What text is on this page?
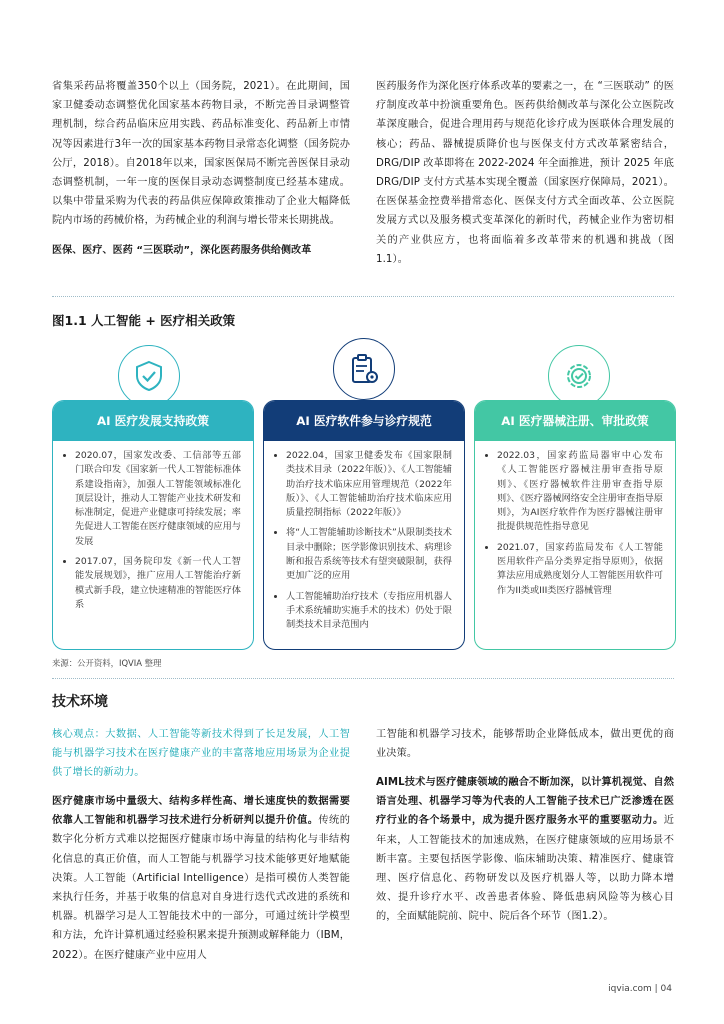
省集采药品将覆盖350个以上（国务院，2021）。在此期间，国家卫健委动态调整优化国家基本药物目录，不断完善目录调整管理机制，综合药品临床应用实践、药品标准变化、药品新上市情况等因素进行3年一次的国家基本药物目录常态化调整（国务院办公厅，2018）。自2018年以来，国家医保局不断完善医保目录动态调整机制，一年一度的医保目录动态调整制度已经基本建成。以集中带量采购为代表的药品供应保障政策推动了企业大幅降低院内市场的药械价格，为药械企业的利润与增长带来长期挑战。
医保、医疗、医药 “三医联动”，深化医药服务供给侧改革
医药服务作为深化医疗体系改革的要素之一，在 “三医联动” 的医疗制度改革中扮演重要角色。医药供给侧改革与深化公立医院改革深度融合，促进合理用药与规范化诊疗成为医联体合理发展的核心；药品、器械提质降价也与医保支付方式改革紧密结合，DRG/DIP 改革即将在 2022-2024 年全面推进，预计 2025 年底 DRG/DIP 支付方式基本实现全覆盖（国家医疗保障局，2021）。在医保基金控费举措常态化、医保支付方式全面改革、公立医院发展方式以及服务模式变革深化的新时代，药械企业作为密切相关的产业供应方，也将面临着多改革带来的机遇和挑战（图 1.1）。
图1.1 人工智能 + 医疗相关政策
AI 医疗发展支持政策
• 2020.07，国家发改委、工信部等五部门联合印发《国家新一代人工智能标准体系建设指南》，加强人工智能领域标准化顶层设计，推动人工智能产业技术研发和标准制定，促进产业健康可持续发展；率先促进人工智能在医疗健康领域的应用与发展
• 2017.07，国务院印发《新一代人工智能发展规划》，推广应用人工智能治疗新模式新手段，建立快速精准的智能医疗体系
AI 医疗软件参与诊疗规范
• 2022.04，国家卫健委发布《国家限制类技术目录（2022年版）》、《人工智能辅助治疗技术临床应用管理规范（2022年版）》、《人工智能辅助治疗技术临床应用质量控制指标（2022年版）》
• 将“人工智能辅助诊断技术”从限制类技术目录中删除；医学影像识别技术、病理诊断和报告系统等技术有望突破限制，获得更加广泛的应用
• 人工智能辅助治疗技术（专指应用机器人手术系统辅助实施手术的技术）仍处于限制类技术目录范围内
AI 医疗器械注册、审批政策
• 2022.03，国家药监局器审中心发布《人工智能医疗器械注册审查指导原则》、《医疗器械软件注册审查指导原则》、《医疗器械网络安全注册审查指导原则》，为AI医疗软件作为医疗器械注册审批提供规范性指导意见
• 2021.07，国家药监局发布《人工智能医用软件产品分类界定指导原则》，依据算法应用成熟度划分人工智能医用软件可作为II类或III类医疗器械管理
来源：公开资料，IQVIA 整理
技术环境
核心观点：大数据、人工智能等新技术得到了长足发展，人工智能与机器学习技术在医疗健康产业的丰富落地应用场景为企业提供了增长的新动力。
医疗健康市场中量级大、结构多样性高、增长速度快的数据需要依靠人工智能和机器学习技术进行分析研判以提升价值。传统的数字化分析方式难以挖掘医疗健康市场中海量的结构化与非结构化信息的真正价值，而人工智能与机器学习技术能够更好地赋能决策。人工智能（Artificial Intelligence）是指可模仿人类智能来执行任务，并基于收集的信息对自身进行迭代式改进的系统和机器。机器学习是人工智能技术中的一部分，可通过统计学模型和方法，允许计算机通过经验积累来提升预测或解释能力（IBM，2022）。在医疗健康产业中应用人
工智能和机器学习技术，能够帮助企业降低成本，做出更优的商业决策。
AIML技术与医疗健康领域的融合不断加深，以计算机视觉、自然语言处理、机器学习等为代表的人工智能子技术已广泛渗透在医疗行业的各个场景中，成为提升医疗服务水平的重要驱动力。近年来，人工智能技术的加速成熟，在医疗健康领域的应用场景不断丰富。主要包括医学影像、临床辅助决策、精准医疗、健康管理、医疗信息化、药物研发以及医疗机器人等，以助力降本增效、提升诊疗水平、改善患者体验、降低患病风险等为核心目的，全面赋能院前、院中、院后各个环节（图1.2）。
iqvia.com | 04
